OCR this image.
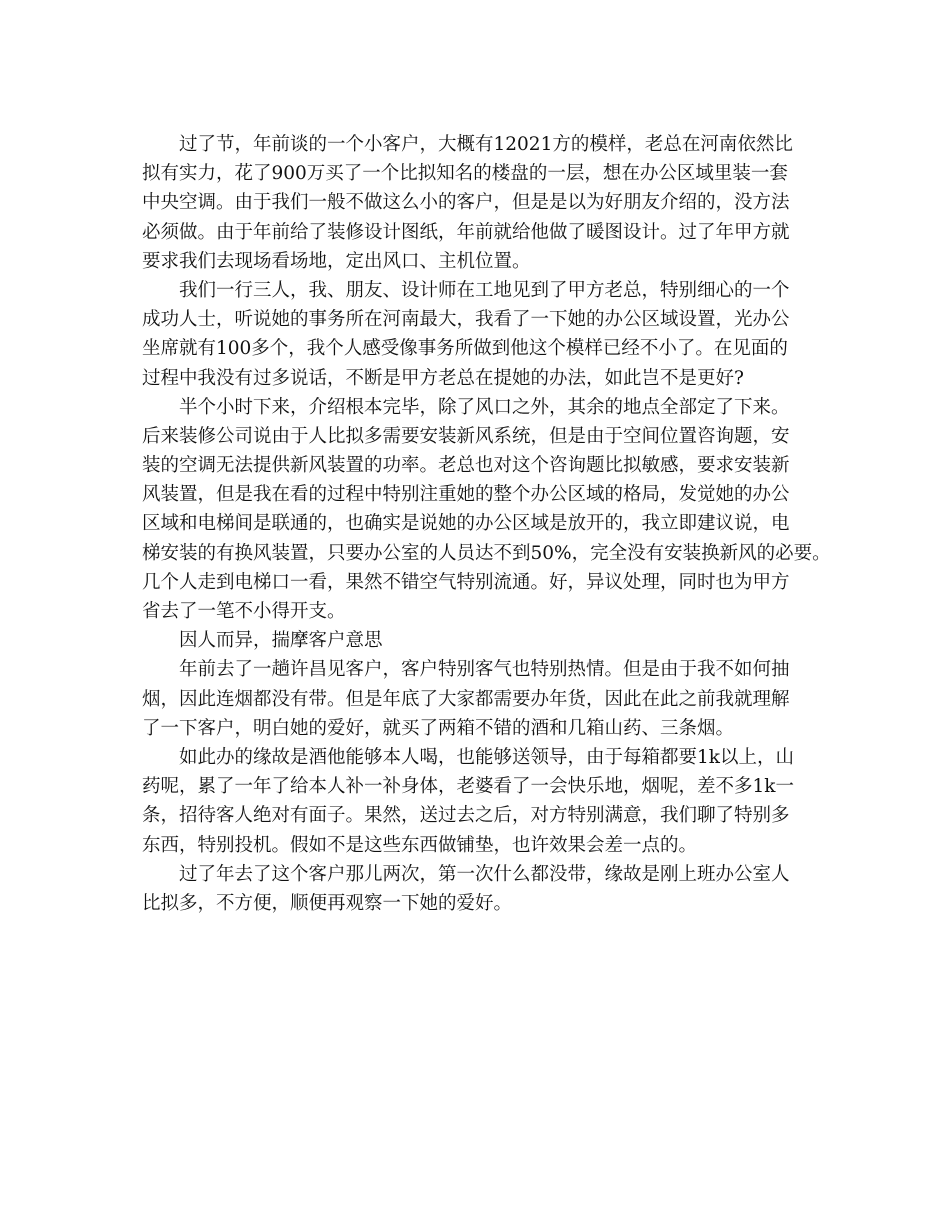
过了节，年前谈的一个小客户，大概有12021方的模样，老总在河南依然比
拟有实力，花了900万买了一个比拟知名的楼盘的一层，想在办公区域里装一套
中央空调。由于我们一般不做这么小的客户，但是是以为好朋友介绍的，没方法
必须做。由于年前给了装修设计图纸，年前就给他做了暖图设计。过了年甲方就
要求我们去现场看场地，定出风口、主机位置。
我们一行三人，我、朋友、设计师在工地见到了甲方老总，特别细心的一个
成功人士，听说她的事务所在河南最大，我看了一下她的办公区域设置，光办公
坐席就有100多个，我个人感受像事务所做到他这个模样已经不小了。在见面的
过程中我没有过多说话，不断是甲方老总在提她的办法，如此岂不是更好?
半个小时下来，介绍根本完毕，除了风口之外，其余的地点全部定了下来。
后来装修公司说由于人比拟多需要安装新风系统，但是由于空间位置咨询题，安
装的空调无法提供新风装置的功率。老总也对这个咨询题比拟敏感，要求安装新
风装置，但是我在看的过程中特别注重她的整个办公区域的格局，发觉她的办公
区域和电梯间是联通的，也确实是说她的办公区域是放开的，我立即建议说，电
梯安装的有换风装置，只要办公室的人员达不到50%，完全没有安装换新风的必要。
几个人走到电梯口一看，果然不错空气特别流通。好，异议处理，同时也为甲方
省去了一笔不小得开支。
因人而异，揣摩客户意思
年前去了一趟许昌见客户，客户特别客气也特别热情。但是由于我不如何抽
烟，因此连烟都没有带。但是年底了大家都需要办年货，因此在此之前我就理解
了一下客户，明白她的爱好，就买了两箱不错的酒和几箱山药、三条烟。
如此办的缘故是酒他能够本人喝，也能够送领导，由于每箱都要1k以上，山
药呢，累了一年了给本人补一补身体，老婆看了一会快乐地，烟呢，差不多1k一
条，招待客人绝对有面子。果然，送过去之后，对方特别满意，我们聊了特别多
东西，特别投机。假如不是这些东西做铺垫，也许效果会差一点的。
过了年去了这个客户那儿两次，第一次什么都没带，缘故是刚上班办公室人
比拟多，不方便，顺便再观察一下她的爱好。
